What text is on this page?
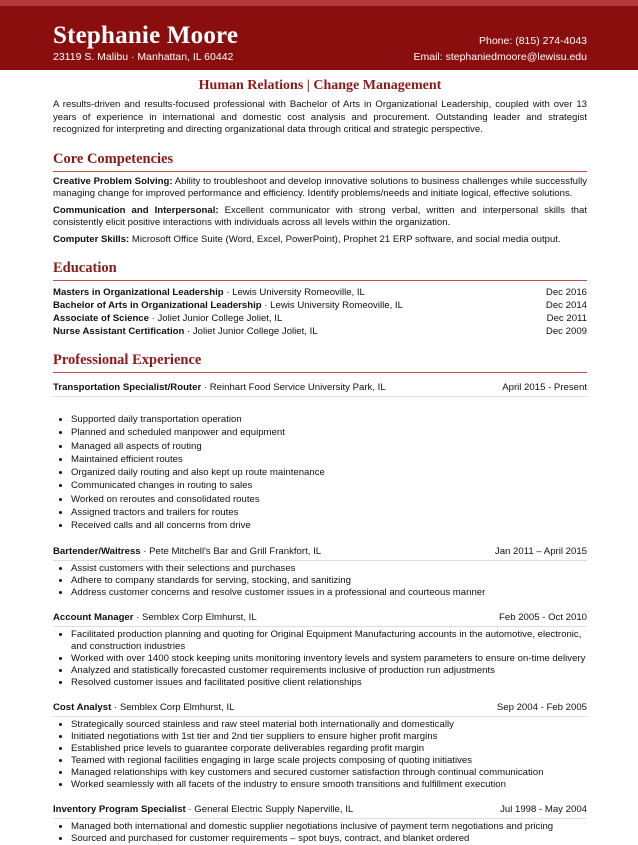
Stephanie Moore
23119 S. Malibu · Manhattan, IL 60442
Phone: (815) 274-4043
Email: stephaniedmoore@lewisu.edu
Human Relations | Change Management
A results-driven and results-focused professional with Bachelor of Arts in Organizational Leadership, coupled with over 13 years of experience in international and domestic cost analysis and procurement. Outstanding leader and strategist recognized for interpreting and directing organizational data through critical and strategic perspective.
Core Competencies
Creative Problem Solving: Ability to troubleshoot and develop innovative solutions to business challenges while successfully managing change for improved performance and efficiency. Identify problems/needs and initiate logical, effective solutions.
Communication and Interpersonal: Excellent communicator with strong verbal, written and interpersonal skills that consistently elicit positive interactions with individuals across all levels within the organization.
Computer Skills: Microsoft Office Suite (Word, Excel, PowerPoint), Prophet 21 ERP software, and social media output.
Education
Masters in Organizational Leadership · Lewis University Romeoville, IL	Dec 2016
Bachelor of Arts in Organizational Leadership · Lewis University Romeoville, IL	Dec 2014
Associate of Science · Joliet Junior College Joliet, IL	Dec 2011
Nurse Assistant Certification · Joliet Junior College Joliet, IL	Dec 2009
Professional Experience
Transportation Specialist/Router · Reinhart Food Service University Park, IL	April 2015 - Present
• Supported daily transportation operation
• Planned and scheduled manpower and equipment
• Managed all aspects of routing
• Maintained efficient routes
• Organized daily routing and also kept up route maintenance
• Communicated changes in routing to sales
• Worked on reroutes and consolidated routes
• Assigned tractors and trailers for routes
• Received calls and all concerns from drive
Bartender/Waitress · Pete Mitchell's Bar and Grill Frankfort, IL	Jan 2011 – April 2015
• Assist customers with their selections and purchases
• Adhere to company standards for serving, stocking, and sanitizing
• Address customer concerns and resolve customer issues in a professional and courteous manner
Account Manager · Semblex Corp Elmhurst, IL	Feb 2005 - Oct 2010
• Facilitated production planning and quoting for Original Equipment Manufacturing accounts in the automotive, electronic, and construction industries
• Worked with over 1400 stock keeping units monitoring inventory levels and system parameters to ensure on-time delivery
• Analyzed and statistically forecasted customer requirements inclusive of production run adjustments
• Resolved customer issues and facilitated positive client relationships
Cost Analyst · Semblex Corp Elmhurst, IL	Sep 2004 - Feb 2005
• Strategically sourced stainless and raw steel material both internationally and domestically
• Initiated negotiations with 1st tier and 2nd tier suppliers to ensure higher profit margins
• Established price levels to guarantee corporate deliverables regarding profit margin
• Teamed with regional facilities engaging in large scale projects composing of quoting initiatives
• Managed relationships with key customers and secured customer satisfaction through continual communication
• Worked seamlessly with all facets of the industry to ensure smooth transitions and fulfillment execution
Inventory Program Specialist · General Electric Supply Naperville, IL	Jul 1998 - May 2004
• Managed both international and domestic supplier negotiations inclusive of payment term negotiations and pricing
• Sourced and purchased for customer requirements – spot buys, contract, and blanket ordered
